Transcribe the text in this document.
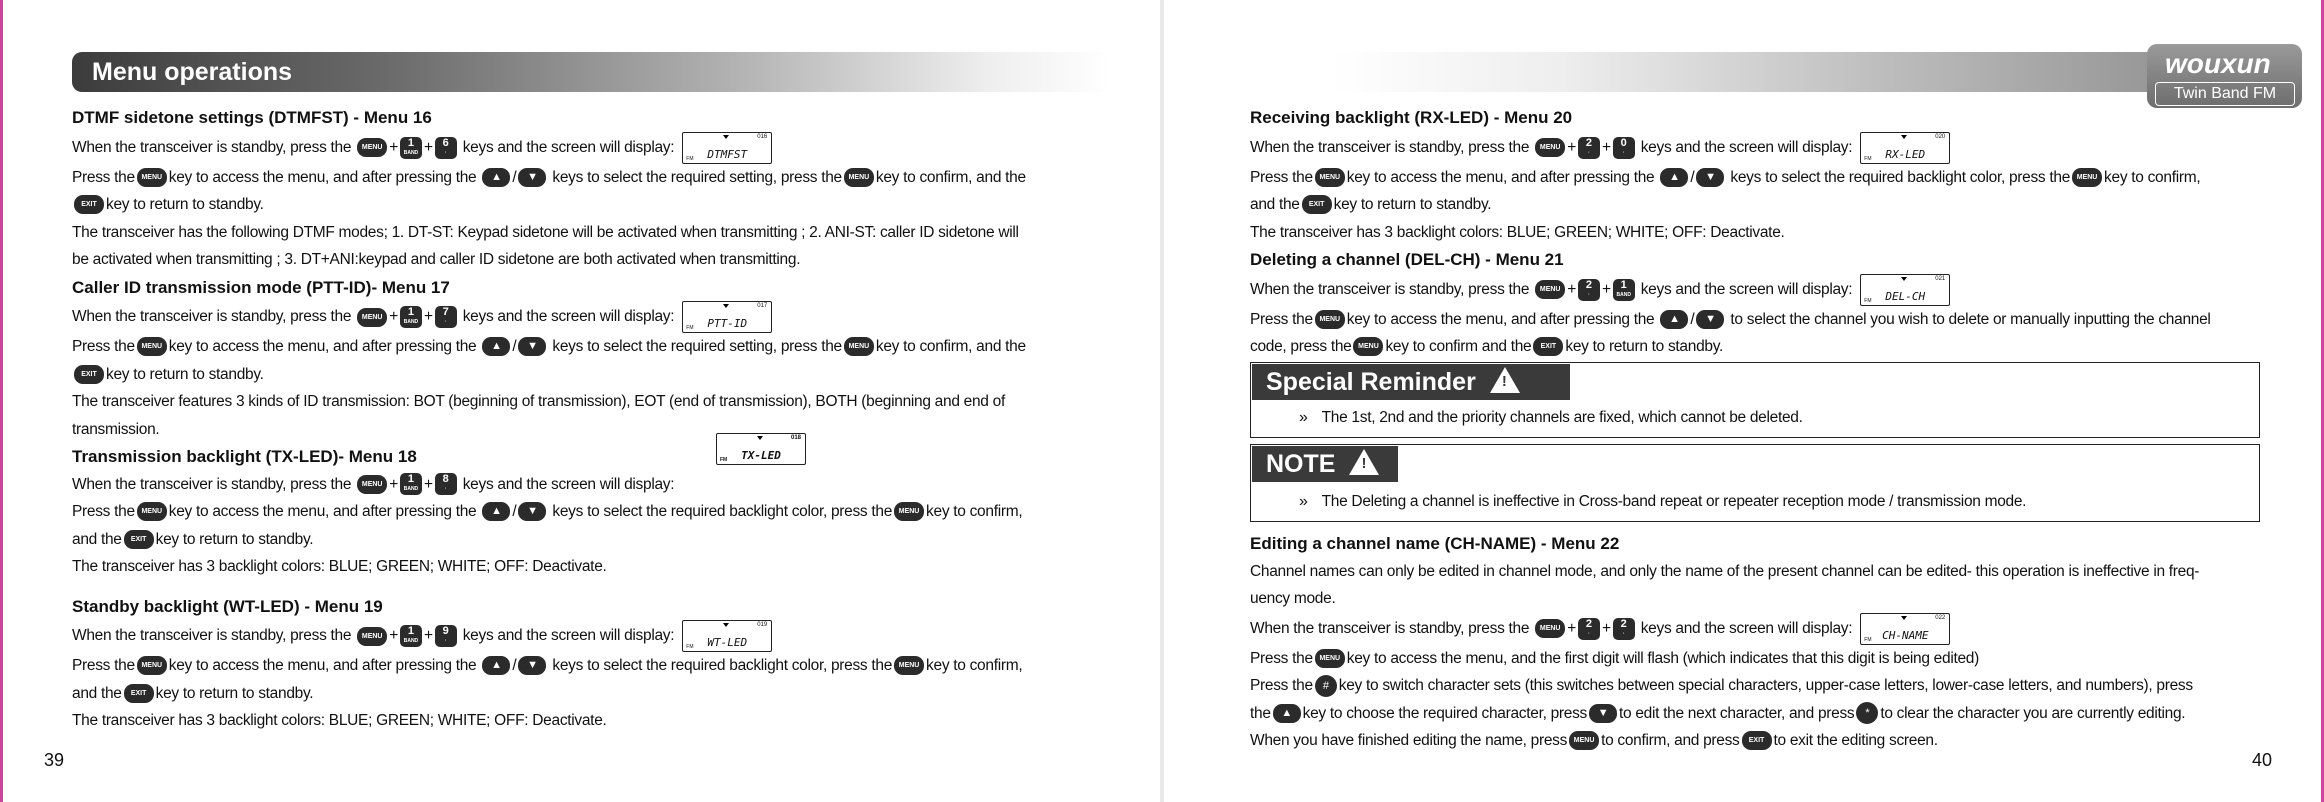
Menu operations
DTMF sidetone settings (DTMFST) - Menu 16
When the transceiver is standby, press the MENU + 1
BAND + 6
·	keys and the screen will display:
016
DTMFST
FM
Press the MENU key to access the menu, and after pressing the ▲ / ▼ keys to select the required setting, press the MENU key to confirm, and the
EXIT key to return to standby.
The transceiver has the following DTMF modes; 1. DT-ST: Keypad sidetone will be activated when transmitting ; 2. ANI-ST: caller ID sidetone will
be activated when transmitting ; 3. DT+ANI:keypad and caller ID sidetone are both activated when transmitting.
Caller ID transmission mode (PTT-ID)- Menu 17
When the transceiver is standby, press the MENU + 1
BAND + 7
·	keys and the screen will display:
017
PTT-ID
FM
Press the MENU key to access the menu, and after pressing the ▲ / ▼ keys to select the required setting, press the MENU key to confirm, and the
EXIT key to return to standby.
The transceiver features 3 kinds of ID transmission: BOT (beginning of transmission), EOT (end of transmission), BOTH (beginning and end of
transmission.
Transmission backlight (TX-LED)- Menu 18
018
TX-LED
FM
When the transceiver is standby, press the MENU + 1
BAND + 8
·	keys and the screen will display:
Press the MENU key to access the menu, and after pressing the ▲ / ▼ keys to select the required backlight color, press the MENU key to confirm,
and the EXIT key to return to standby.
The transceiver has 3 backlight colors: BLUE; GREEN; WHITE; OFF: Deactivate.
Standby backlight (WT-LED) - Menu 19
When the transceiver is standby, press the MENU + 1
BAND + 9
·	keys and the screen will display:
019
WT-LED
FM
Press the MENU key to access the menu, and after pressing the ▲ / ▼ keys to select the required backlight color, press the MENU key to confirm,
and the EXIT key to return to standby.
The transceiver has 3 backlight colors: BLUE; GREEN; WHITE; OFF: Deactivate.
39
wouxun
Twin Band FM Transceiver
Receiving backlight (RX-LED) - Menu 20
When the transceiver is standby, press the MENU + 2
· + 0
·	keys and the screen will display:
020
RX-LED
FM
Press the MENU key to access the menu, and after pressing the ▲ / ▼ keys to select the required backlight color, press the MENU key to confirm,
and the EXIT key to return to standby.
The transceiver has 3 backlight colors: BLUE; GREEN; WHITE; OFF: Deactivate.
Deleting a channel (DEL-CH) - Menu 21
When the transceiver is standby, press the MENU + 2
· + 1
BAND keys and the screen will display:
021
DEL-CH
FM
Press the MENU key to access the menu, and after pressing the ▲ / ▼ to select the channel you wish to delete or manually inputting the channel
code, press the MENU key to confirm and the EXIT key to return to standby.
Special Reminder !
» The 1st, 2nd and the priority channels are fixed, which cannot be deleted.
NOTE !
» The Deleting a channel is ineffective in Cross-band repeat or repeater reception mode / transmission mode.
Editing a channel name (CH-NAME) - Menu 22
Channel names can only be edited in channel mode, and only the name of the present channel can be edited- this operation is ineffective in freq-
uency mode.
When the transceiver is standby, press the MENU + 2
· + 2
·	keys and the screen will display:
022
CH-NAME
FM
Press the MENU key to access the menu, and the first digit will flash (which indicates that this digit is being edited)
Press the # key to switch character sets (this switches between special characters, upper-case letters, lower-case letters, and numbers), press
the ▲ key to choose the required character, press ▼ to edit the next character, and press * to clear the character you are currently editing.
When you have finished editing the name, press MENU to confirm, and press EXIT to exit the editing screen.
40
